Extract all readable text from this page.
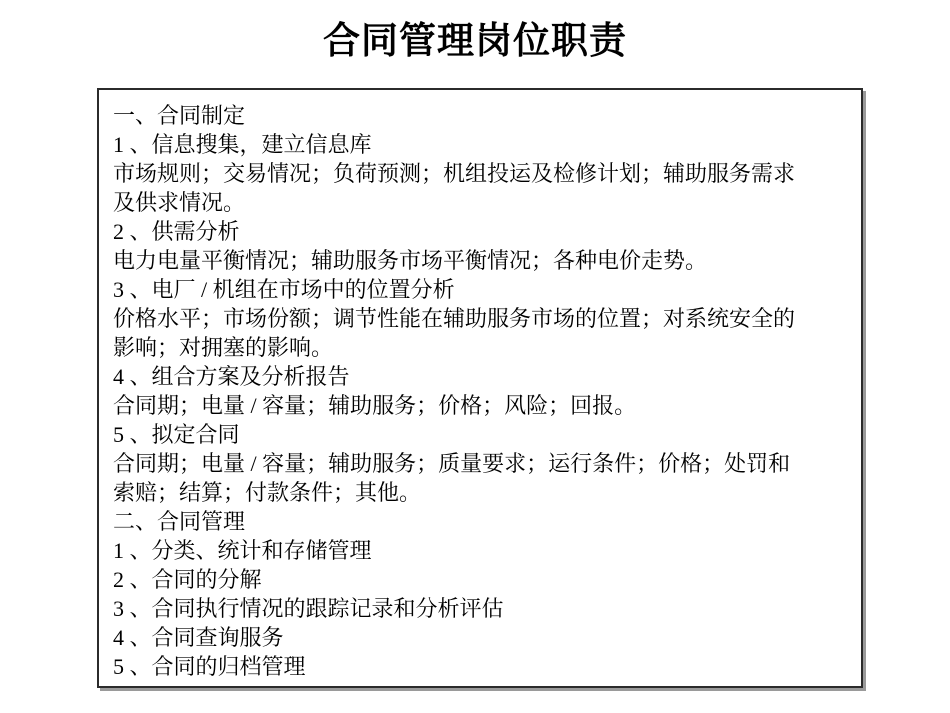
合同管理岗位职责
一、合同制定
1 、信息搜集，建立信息库
市场规则；交易情况；负荷预测；机组投运及检修计划；辅助服务需求
及供求情况。
2 、供需分析
电力电量平衡情况；辅助服务市场平衡情况；各种电价走势。
3 、电厂 / 机组在市场中的位置分析
价格水平；市场份额；调节性能在辅助服务市场的位置；对系统安全的
影响；对拥塞的影响。
4 、组合方案及分析报告
合同期；电量 / 容量；辅助服务；价格；风险；回报。
5 、拟定合同
合同期；电量 / 容量；辅助服务；质量要求；运行条件；价格；处罚和
索赔；结算；付款条件；其他。
二、合同管理
1 、分类、统计和存储管理
2 、合同的分解
3 、合同执行情况的跟踪记录和分析评估
4 、合同查询服务
5 、合同的归档管理
